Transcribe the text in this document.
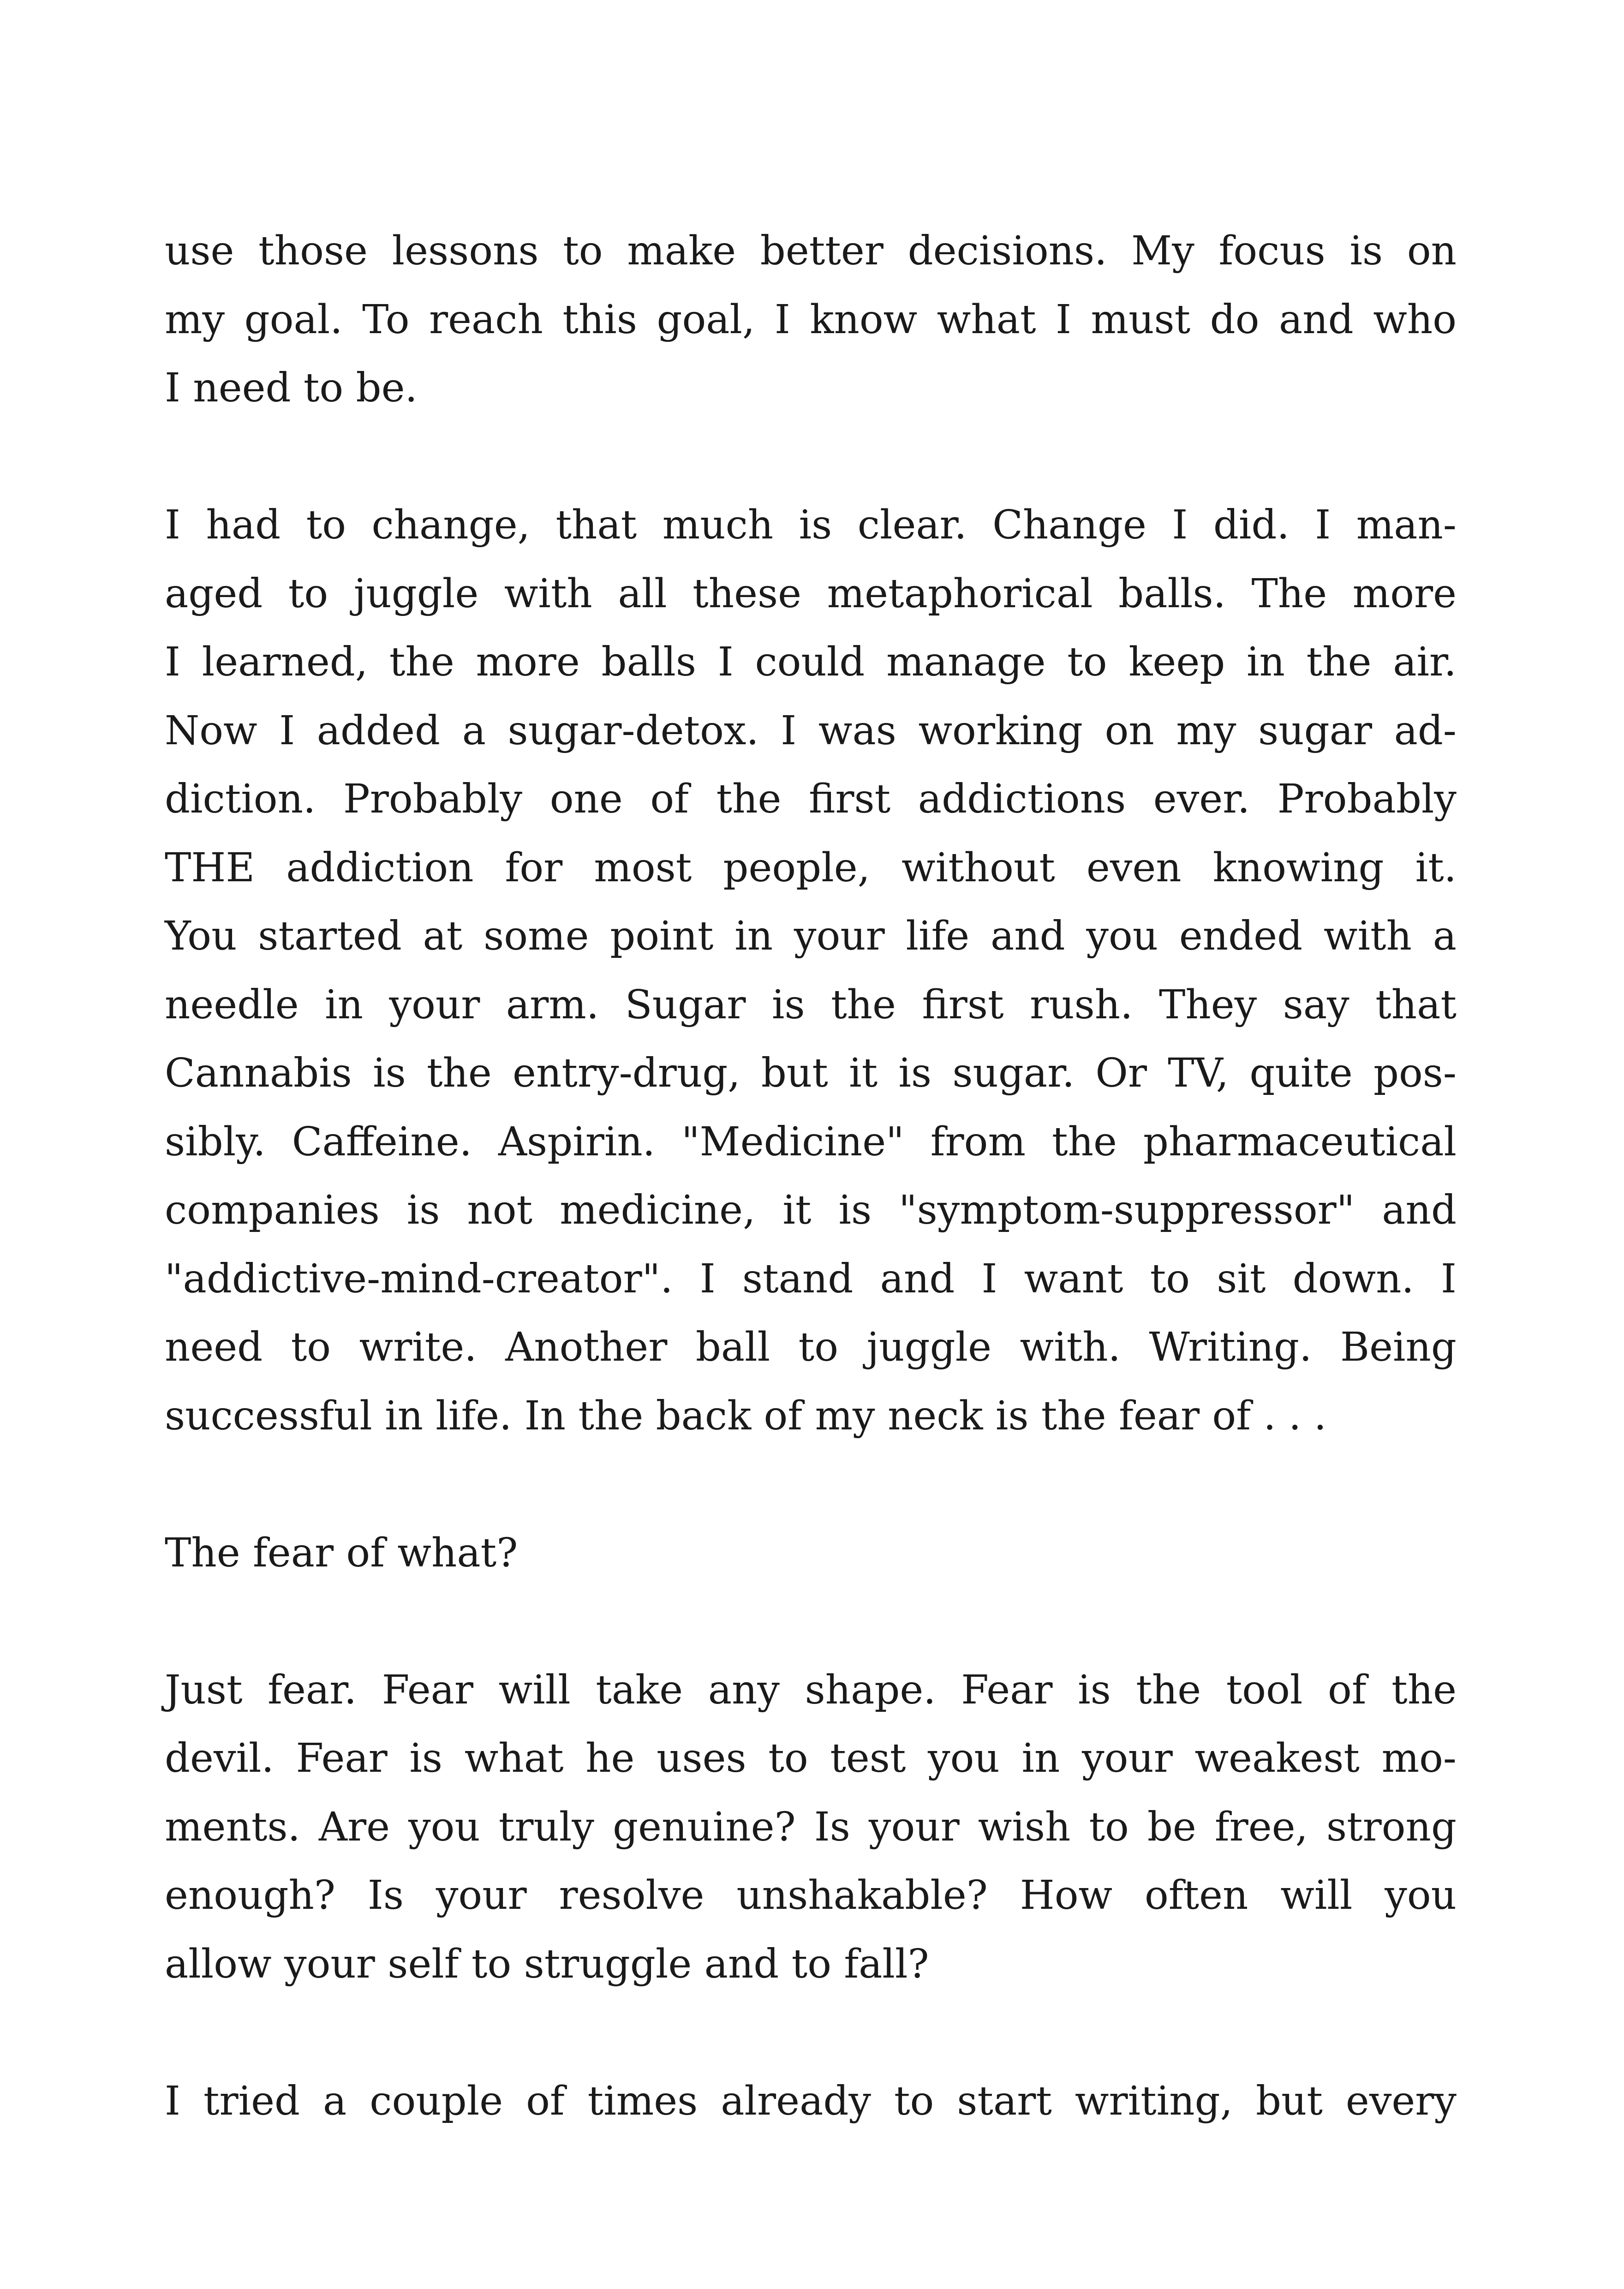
use those lessons to make better decisions. My focus is on
my goal. To reach this goal, I know what I must do and who
I need to be.

I had to change, that much is clear. Change I did. I man-
aged to juggle with all these metaphorical balls. The more
I learned, the more balls I could manage to keep in the air.
Now I added a sugar-detox. I was working on my sugar ad-
diction. Probably one of the first addictions ever. Probably
THE addiction for most people, without even knowing it.
You started at some point in your life and you ended with a
needle in your arm. Sugar is the first rush. They say that
Cannabis is the entry-drug, but it is sugar. Or TV, quite pos-
sibly. Caffeine. Aspirin. "Medicine" from the pharmaceutical
companies is not medicine, it is "symptom-suppressor" and
"addictive-mind-creator". I stand and I want to sit down. I
need to write. Another ball to juggle with. Writing. Being
successful in life. In the back of my neck is the fear of . . .

The fear of what?

Just fear. Fear will take any shape. Fear is the tool of the
devil. Fear is what he uses to test you in your weakest mo-
ments. Are you truly genuine? Is your wish to be free, strong
enough? Is your resolve unshakable? How often will you
allow your self to struggle and to fall?

I tried a couple of times already to start writing, but every
